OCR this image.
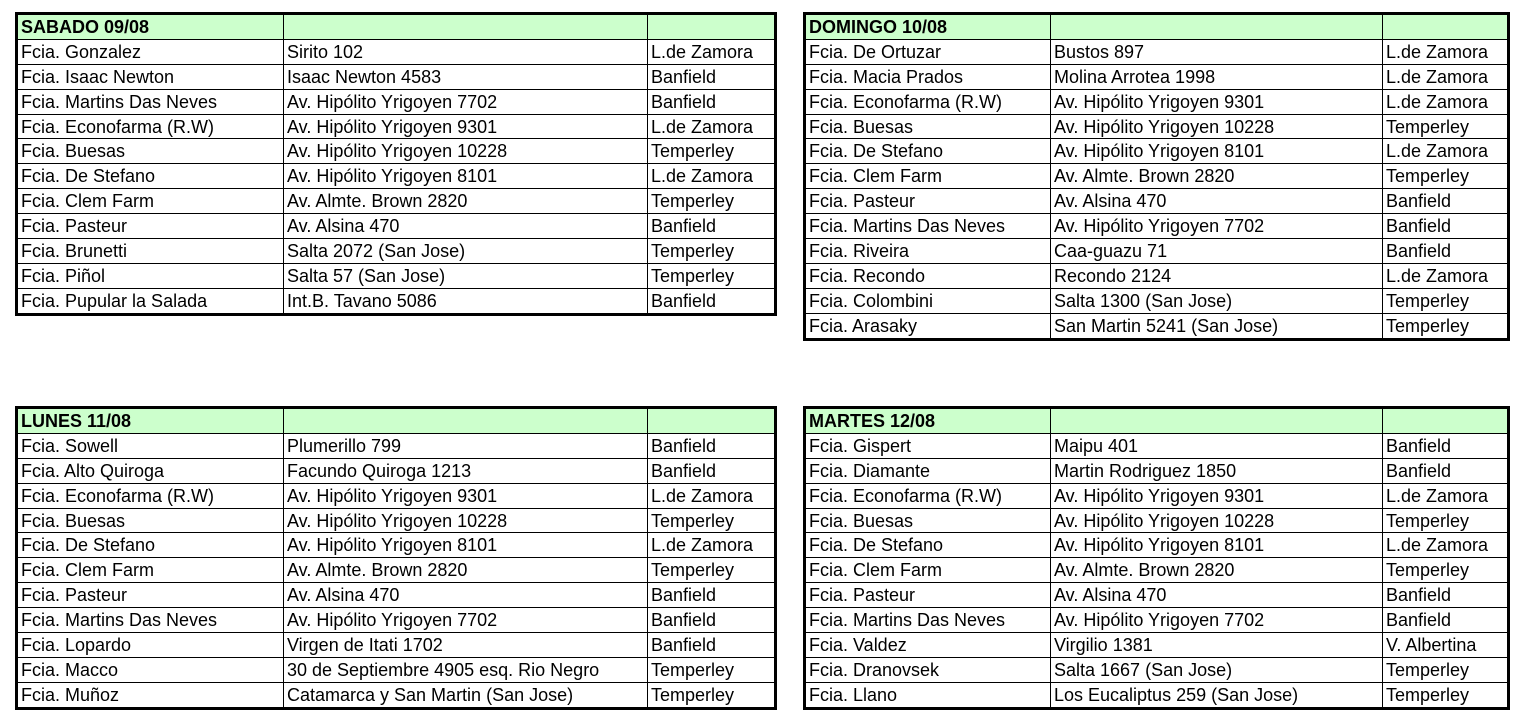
SABADO 09/08		
Fcia. Gonzalez	Sirito 102	L.de Zamora
Fcia. Isaac Newton	Isaac Newton 4583	Banfield
Fcia. Martins Das Neves	Av. Hipólito Yrigoyen 7702	Banfield
Fcia. Econofarma (R.W)	Av. Hipólito Yrigoyen 9301	L.de Zamora
Fcia. Buesas	Av. Hipólito Yrigoyen 10228	Temperley
Fcia. De Stefano	Av. Hipólito Yrigoyen 8101	L.de Zamora
Fcia. Clem Farm	Av. Almte. Brown 2820	Temperley
Fcia. Pasteur	Av. Alsina 470	Banfield
Fcia. Brunetti	Salta 2072 (San Jose)	Temperley
Fcia. Piñol	Salta 57 (San Jose)	Temperley
Fcia. Pupular la Salada	Int.B. Tavano 5086	Banfield
DOMINGO 10/08		
Fcia. De Ortuzar	Bustos 897	L.de Zamora
Fcia. Macia Prados	Molina Arrotea 1998	L.de Zamora
Fcia. Econofarma (R.W)	Av. Hipólito Yrigoyen 9301	L.de Zamora
Fcia. Buesas	Av. Hipólito Yrigoyen 10228	Temperley
Fcia. De Stefano	Av. Hipólito Yrigoyen 8101	L.de Zamora
Fcia. Clem Farm	Av. Almte. Brown 2820	Temperley
Fcia. Pasteur	Av. Alsina 470	Banfield
Fcia. Martins Das Neves	Av. Hipólito Yrigoyen 7702	Banfield
Fcia. Riveira	Caa-guazu 71	Banfield
Fcia. Recondo	Recondo 2124	L.de Zamora
Fcia. Colombini	Salta 1300 (San Jose)	Temperley
Fcia. Arasaky	San Martin 5241 (San Jose)	Temperley
LUNES 11/08		
Fcia. Sowell	Plumerillo 799	Banfield
Fcia. Alto Quiroga	Facundo Quiroga 1213	Banfield
Fcia. Econofarma (R.W)	Av. Hipólito Yrigoyen 9301	L.de Zamora
Fcia. Buesas	Av. Hipólito Yrigoyen 10228	Temperley
Fcia. De Stefano	Av. Hipólito Yrigoyen 8101	L.de Zamora
Fcia. Clem Farm	Av. Almte. Brown 2820	Temperley
Fcia. Pasteur	Av. Alsina 470	Banfield
Fcia. Martins Das Neves	Av. Hipólito Yrigoyen 7702	Banfield
Fcia. Lopardo	Virgen de Itati 1702	Banfield
Fcia. Macco	30 de Septiembre 4905 esq. Rio Negro	Temperley
Fcia. Muñoz	Catamarca y San Martin (San Jose)	Temperley
MARTES 12/08		
Fcia. Gispert	Maipu 401	Banfield
Fcia. Diamante	Martin Rodriguez 1850	Banfield
Fcia. Econofarma (R.W)	Av. Hipólito Yrigoyen 9301	L.de Zamora
Fcia. Buesas	Av. Hipólito Yrigoyen 10228	Temperley
Fcia. De Stefano	Av. Hipólito Yrigoyen 8101	L.de Zamora
Fcia. Clem Farm	Av. Almte. Brown 2820	Temperley
Fcia. Pasteur	Av. Alsina 470	Banfield
Fcia. Martins Das Neves	Av. Hipólito Yrigoyen 7702	Banfield
Fcia. Valdez	Virgilio 1381	V. Albertina
Fcia. Dranovsek	Salta 1667 (San Jose)	Temperley
Fcia. Llano	Los Eucaliptus 259 (San Jose)	Temperley
